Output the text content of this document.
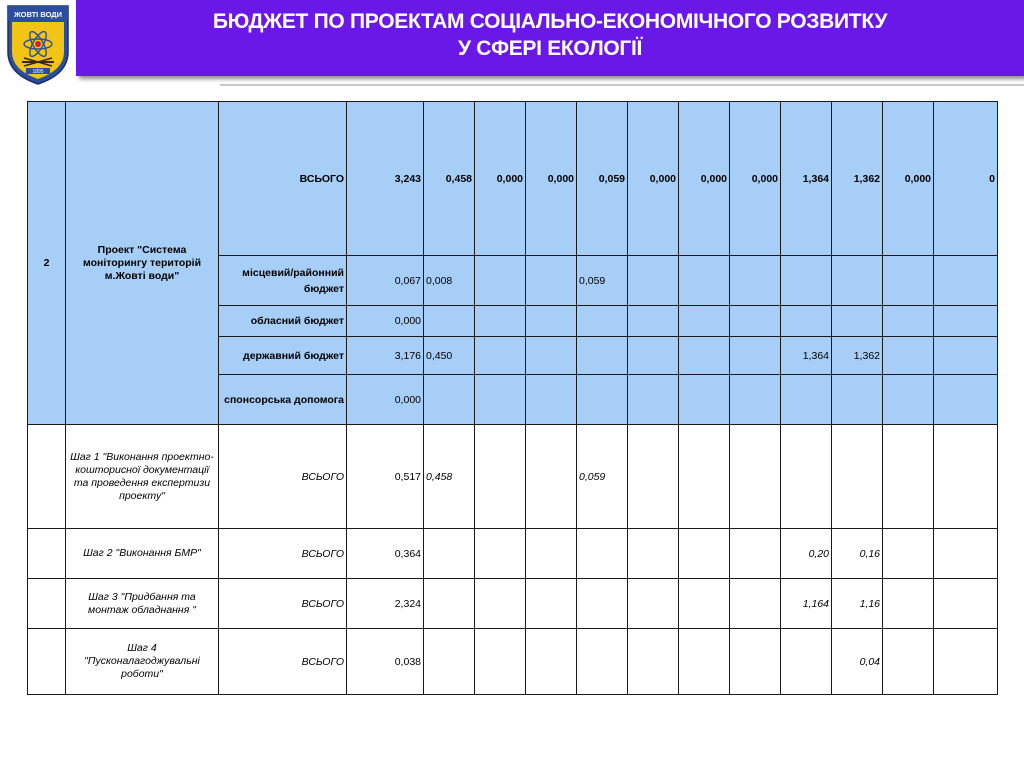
ЖОВТІ ВОДИ
1895
БЮДЖЕТ ПО ПРОЕКТАМ СОЦІАЛЬНО-ЕКОНОМІЧНОГО РОЗВИТКУ
У СФЕРІ ЕКОЛОГІЇ
2	Проект "Система моніторингу територій м.Жовті води"	ВСЬОГО	3,243	0,458	0,000	0,000	0,059	0,000	0,000	0,000	1,364	1,362	0,000	0
		місцевий/районний бюджет	0,067	0,008			0,059							
		обласний бюджет	0,000											
		державний бюджет	3,176	0,450							1,364	1,362		
		спонсорська допомога	0,000											
	Шаг 1 "Виконання проектно-кошторисної документації та проведення експертизи проекту"	ВСЬОГО	0,517	0,458			0,059							
	Шаг 2 "Виконання БМР"	ВСЬОГО	0,364								0,20	0,16		
	Шаг 3 "Придбання та монтаж обладнання "	ВСЬОГО	2,324								1,164	1,16		
	Шаг 4 "Пусконалагоджувальні роботи"	ВСЬОГО	0,038									0,04		
